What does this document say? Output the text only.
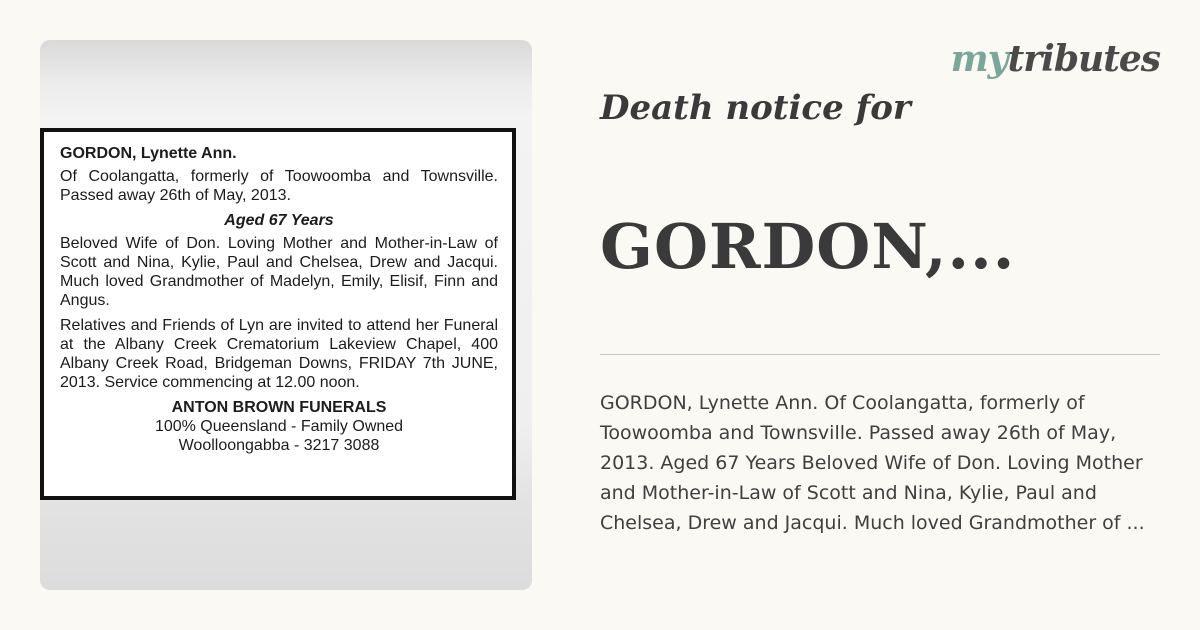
GORDON, Lynette Ann.

Of Coolangatta, formerly of Toowoomba and Townsville. Passed away 26th of May, 2013.

Aged 67 Years

Beloved Wife of Don. Loving Mother and Mother-in-Law of Scott and Nina, Kylie, Paul and Chelsea, Drew and Jacqui. Much loved Grandmother of Madelyn, Emily, Elisif, Finn and Angus.

Relatives and Friends of Lyn are invited to attend her Funeral at the Albany Creek Crematorium Lakeview Chapel, 400 Albany Creek Road, Bridgeman Downs, FRIDAY 7th JUNE, 2013. Service commencing at 12.00 noon.

ANTON BROWN FUNERALS
100% Queensland - Family Owned
Woolloongabba - 3217 3088
mytributes
Death notice for
GORDON,...

GORDON, Lynette Ann. Of Coolangatta, formerly of Toowoomba and Townsville. Passed away 26th of May, 2013. Aged 67 Years Beloved Wife of Don. Loving Mother and Mother-in-Law of Scott and Nina, Kylie, Paul and Chelsea, Drew and Jacqui. Much loved Grandmother of ...
